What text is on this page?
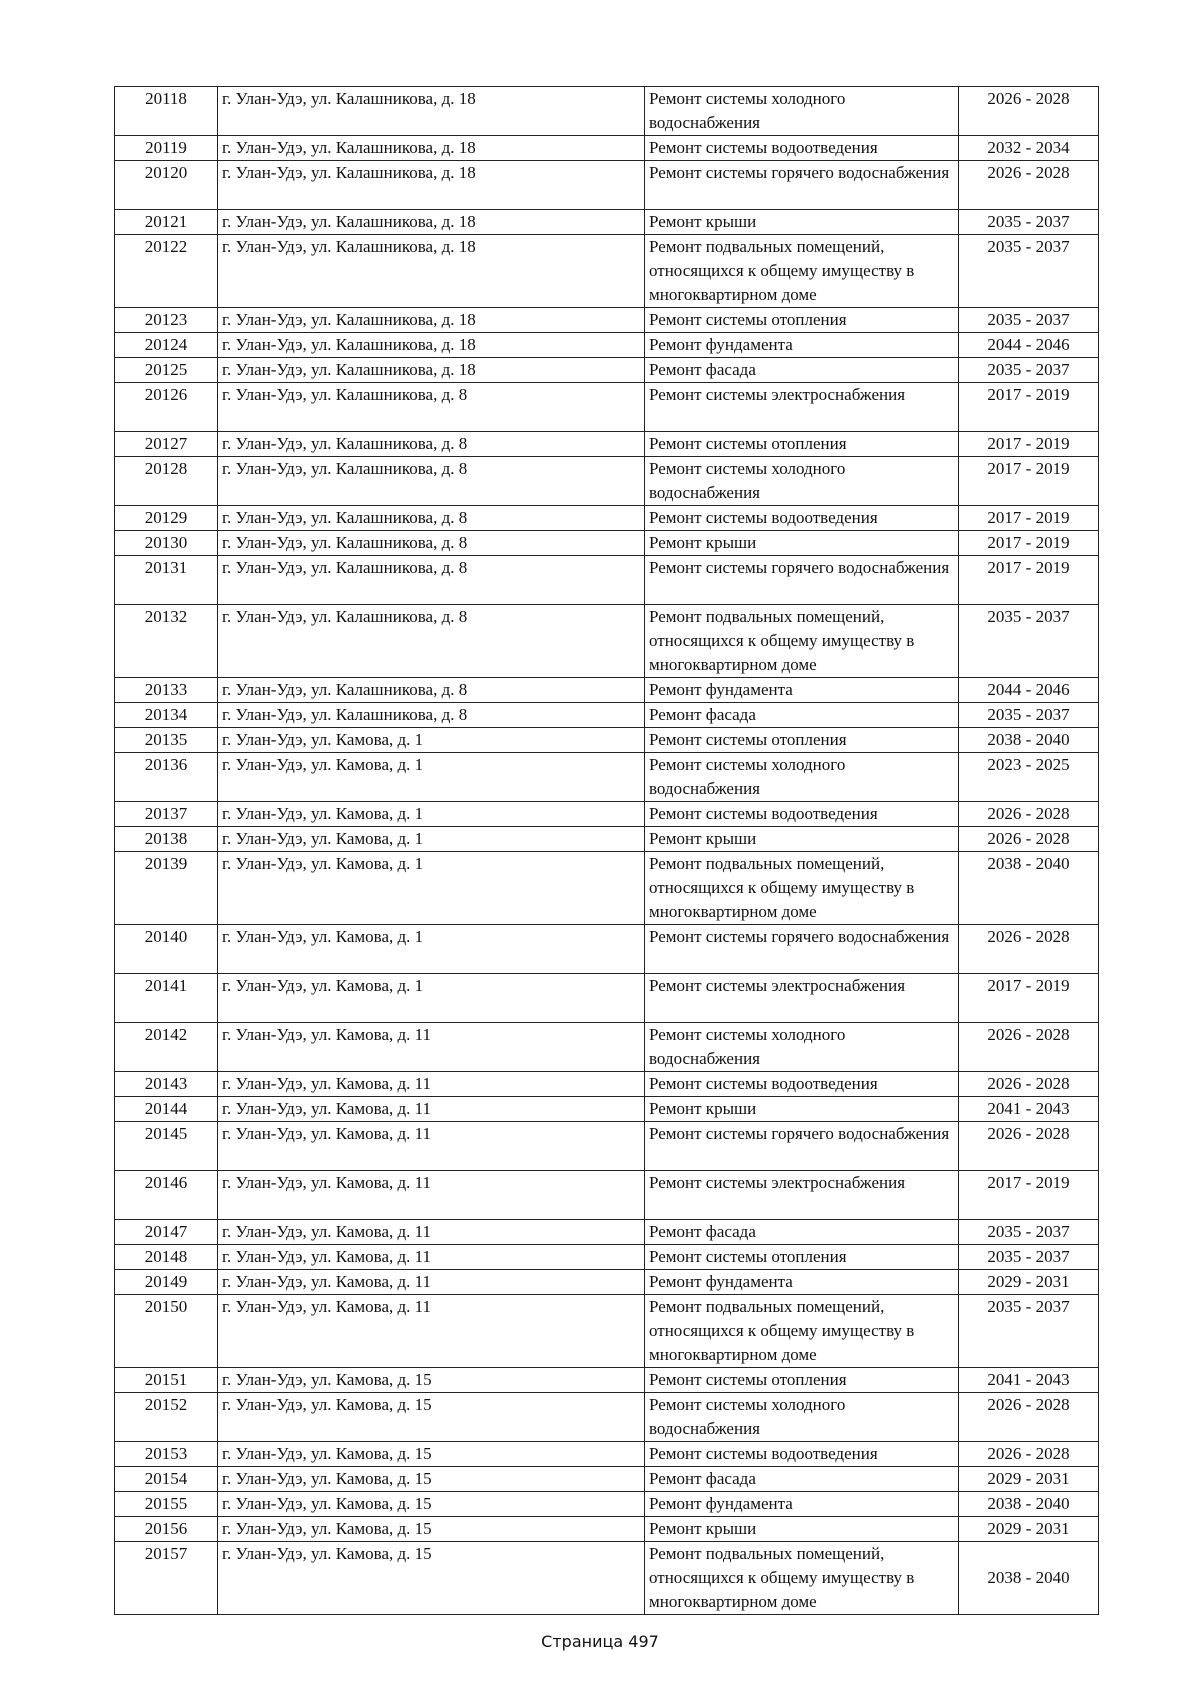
20118	г. Улан-Удэ, ул. Калашникова, д. 18	Ремонт системы холодного водоснабжения	2026 - 2028
20119	г. Улан-Удэ, ул. Калашникова, д. 18	Ремонт системы водоотведения	2032 - 2034
20120	г. Улан-Удэ, ул. Калашникова, д. 18	Ремонт системы горячего водоснабжения	2026 - 2028
20121	г. Улан-Удэ, ул. Калашникова, д. 18	Ремонт крыши	2035 - 2037
20122	г. Улан-Удэ, ул. Калашникова, д. 18	Ремонт подвальных помещений, относящихся к общему имуществу в многоквартирном доме	2035 - 2037
20123	г. Улан-Удэ, ул. Калашникова, д. 18	Ремонт системы отопления	2035 - 2037
20124	г. Улан-Удэ, ул. Калашникова, д. 18	Ремонт фундамента	2044 - 2046
20125	г. Улан-Удэ, ул. Калашникова, д. 18	Ремонт фасада	2035 - 2037
20126	г. Улан-Удэ, ул. Калашникова, д. 8	Ремонт системы электроснабжения	2017 - 2019
20127	г. Улан-Удэ, ул. Калашникова, д. 8	Ремонт системы отопления	2017 - 2019
20128	г. Улан-Удэ, ул. Калашникова, д. 8	Ремонт системы холодного водоснабжения	2017 - 2019
20129	г. Улан-Удэ, ул. Калашникова, д. 8	Ремонт системы водоотведения	2017 - 2019
20130	г. Улан-Удэ, ул. Калашникова, д. 8	Ремонт крыши	2017 - 2019
20131	г. Улан-Удэ, ул. Калашникова, д. 8	Ремонт системы горячего водоснабжения	2017 - 2019
20132	г. Улан-Удэ, ул. Калашникова, д. 8	Ремонт подвальных помещений, относящихся к общему имуществу в многоквартирном доме	2035 - 2037
20133	г. Улан-Удэ, ул. Калашникова, д. 8	Ремонт фундамента	2044 - 2046
20134	г. Улан-Удэ, ул. Калашникова, д. 8	Ремонт фасада	2035 - 2037
20135	г. Улан-Удэ, ул. Камова, д. 1	Ремонт системы отопления	2038 - 2040
20136	г. Улан-Удэ, ул. Камова, д. 1	Ремонт системы холодного водоснабжения	2023 - 2025
20137	г. Улан-Удэ, ул. Камова, д. 1	Ремонт системы водоотведения	2026 - 2028
20138	г. Улан-Удэ, ул. Камова, д. 1	Ремонт крыши	2026 - 2028
20139	г. Улан-Удэ, ул. Камова, д. 1	Ремонт подвальных помещений, относящихся к общему имуществу в многоквартирном доме	2038 - 2040
20140	г. Улан-Удэ, ул. Камова, д. 1	Ремонт системы горячего водоснабжения	2026 - 2028
20141	г. Улан-Удэ, ул. Камова, д. 1	Ремонт системы электроснабжения	2017 - 2019
20142	г. Улан-Удэ, ул. Камова, д. 11	Ремонт системы холодного водоснабжения	2026 - 2028
20143	г. Улан-Удэ, ул. Камова, д. 11	Ремонт системы водоотведения	2026 - 2028
20144	г. Улан-Удэ, ул. Камова, д. 11	Ремонт крыши	2041 - 2043
20145	г. Улан-Удэ, ул. Камова, д. 11	Ремонт системы горячего водоснабжения	2026 - 2028
20146	г. Улан-Удэ, ул. Камова, д. 11	Ремонт системы электроснабжения	2017 - 2019
20147	г. Улан-Удэ, ул. Камова, д. 11	Ремонт фасада	2035 - 2037
20148	г. Улан-Удэ, ул. Камова, д. 11	Ремонт системы отопления	2035 - 2037
20149	г. Улан-Удэ, ул. Камова, д. 11	Ремонт фундамента	2029 - 2031
20150	г. Улан-Удэ, ул. Камова, д. 11	Ремонт подвальных помещений, относящихся к общему имуществу в многоквартирном доме	2035 - 2037
20151	г. Улан-Удэ, ул. Камова, д. 15	Ремонт системы отопления	2041 - 2043
20152	г. Улан-Удэ, ул. Камова, д. 15	Ремонт системы холодного водоснабжения	2026 - 2028
20153	г. Улан-Удэ, ул. Камова, д. 15	Ремонт системы водоотведения	2026 - 2028
20154	г. Улан-Удэ, ул. Камова, д. 15	Ремонт фасада	2029 - 2031
20155	г. Улан-Удэ, ул. Камова, д. 15	Ремонт фундамента	2038 - 2040
20156	г. Улан-Удэ, ул. Камова, д. 15	Ремонт крыши	2029 - 2031
20157	г. Улан-Удэ, ул. Камова, д. 15	Ремонт подвальных помещений, относящихся к общему имуществу в многоквартирном доме	2038 - 2040
Страница 497
